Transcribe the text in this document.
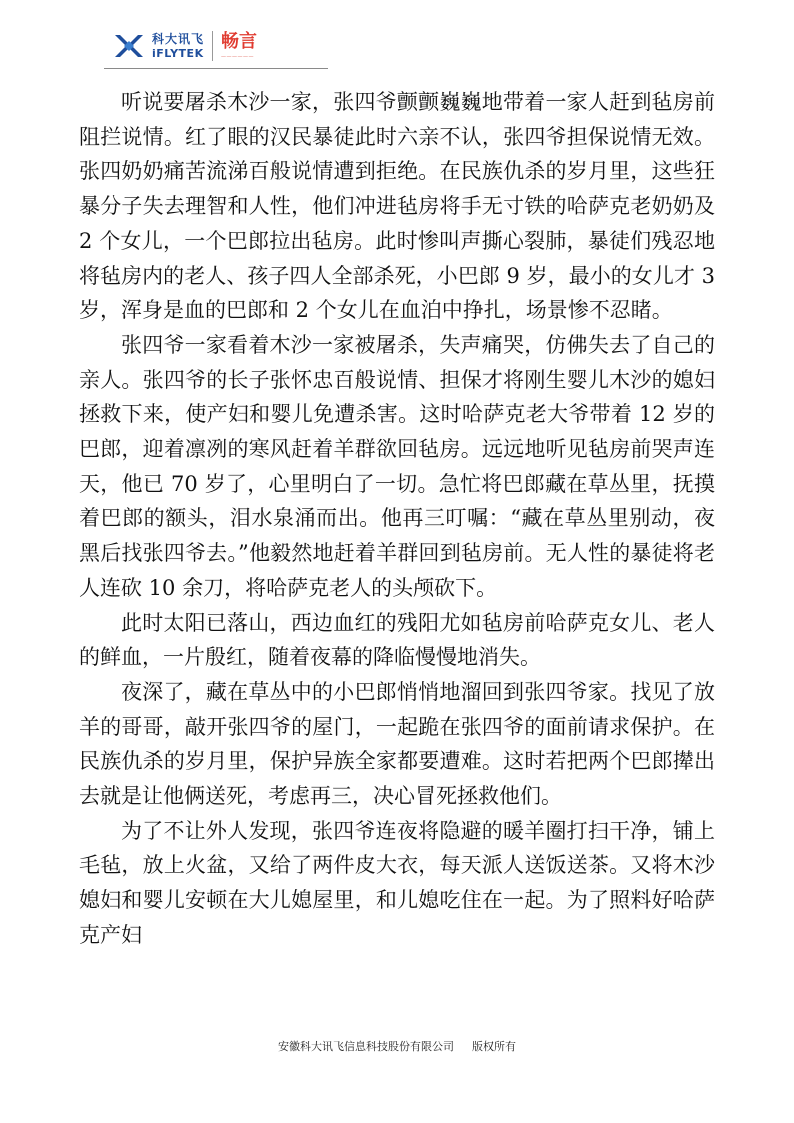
科大讯飞
iFLYTEK
畅言
——————

听说要屠杀木沙一家，张四爷颤颤巍巍地带着一家人赶到毡房前阻拦说情。红了眼的汉民暴徒此时六亲不认，张四爷担保说情无效。张四奶奶痛苦流涕百般说情遭到拒绝。在民族仇杀的岁月里，这些狂暴分子失去理智和人性，他们冲进毡房将手无寸铁的哈萨克老奶奶及 2 个女儿，一个巴郎拉出毡房。此时惨叫声撕心裂肺，暴徒们残忍地将毡房内的老人、孩子四人全部杀死，小巴郎 9 岁，最小的女儿才 3 岁，浑身是血的巴郎和 2 个女儿在血泊中挣扎，场景惨不忍睹。

张四爷一家看着木沙一家被屠杀，失声痛哭，仿佛失去了自己的亲人。张四爷的长子张怀忠百般说情、担保才将刚生婴儿木沙的媳妇拯救下来，使产妇和婴儿免遭杀害。这时哈萨克老大爷带着 12 岁的巴郎，迎着凛冽的寒风赶着羊群欲回毡房。远远地听见毡房前哭声连天，他已 70 岁了，心里明白了一切。急忙将巴郎藏在草丛里，抚摸着巴郎的额头，泪水泉涌而出。他再三叮嘱：“藏在草丛里别动，夜黑后找张四爷去。”他毅然地赶着羊群回到毡房前。无人性的暴徒将老人连砍 10 余刀，将哈萨克老人的头颅砍下。

此时太阳已落山，西边血红的残阳尤如毡房前哈萨克女儿、老人的鲜血，一片殷红，随着夜幕的降临慢慢地消失。

夜深了，藏在草丛中的小巴郎悄悄地溜回到张四爷家。找见了放羊的哥哥，敲开张四爷的屋门，一起跪在张四爷的面前请求保护。在民族仇杀的岁月里，保护异族全家都要遭难。这时若把两个巴郎撵出去就是让他俩送死，考虑再三，决心冒死拯救他们。

为了不让外人发现，张四爷连夜将隐避的暖羊圈打扫干净，铺上毛毡，放上火盆，又给了两件皮大衣，每天派人送饭送茶。又将木沙媳妇和婴儿安顿在大儿媳屋里，和儿媳吃住在一起。为了照料好哈萨克产妇

安徽科大讯飞信息科技股份有限公司 版权所有
